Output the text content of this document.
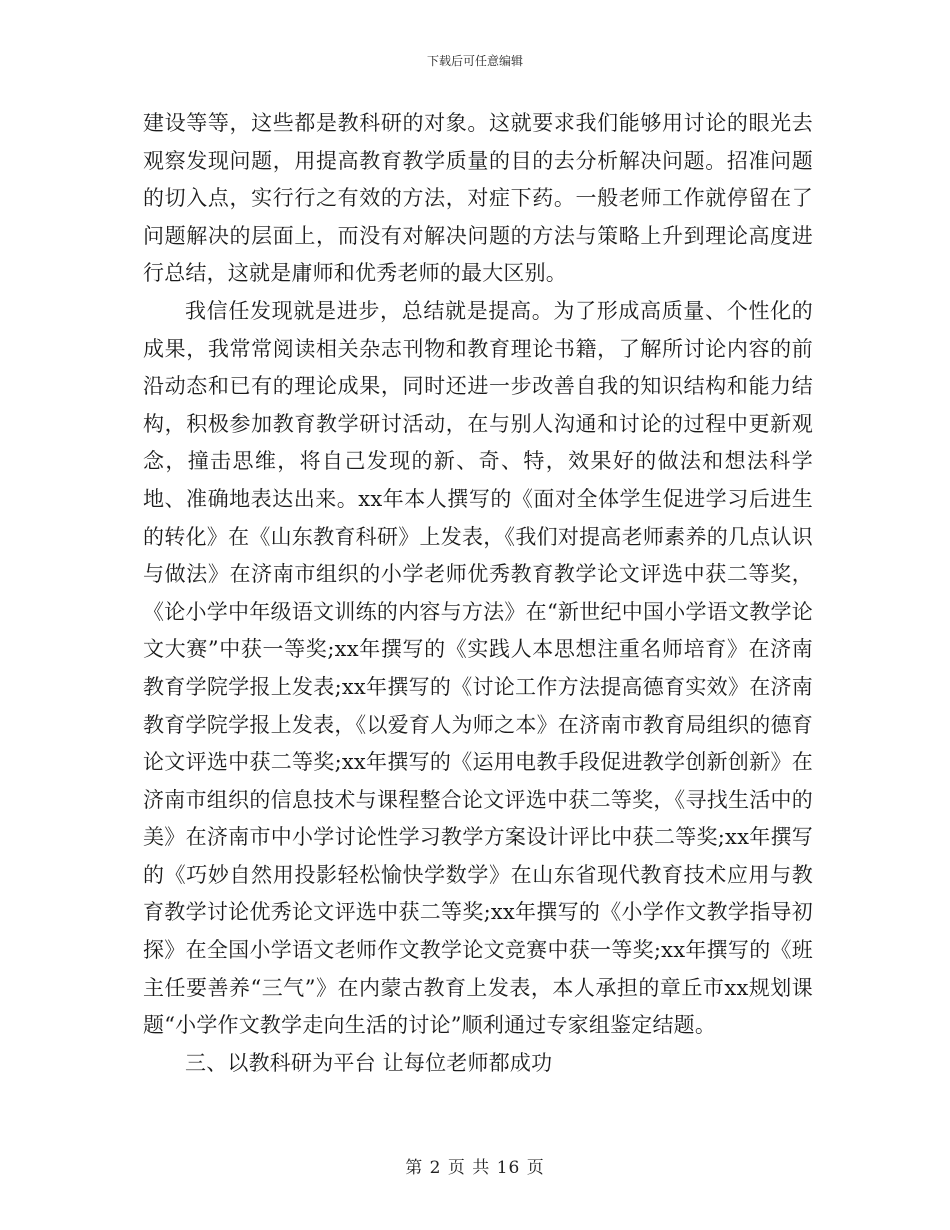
下载后可任意编辑

建设等等，这些都是教科研的对象。这就要求我们能够用讨论的眼光去观察发现问题，用提高教育教学质量的目的去分析解决问题。招准问题的切入点，实行行之有效的方法，对症下药。一般老师工作就停留在了问题解决的层面上，而没有对解决问题的方法与策略上升到理论高度进行总结，这就是庸师和优秀老师的最大区别。

我信任发现就是进步，总结就是提高。为了形成高质量、个性化的成果，我常常阅读相关杂志刊物和教育理论书籍，了解所讨论内容的前沿动态和已有的理论成果，同时还进一步改善自我的知识结构和能力结构，积极参加教育教学研讨活动，在与别人沟通和讨论的过程中更新观念，撞击思维，将自己发现的新、奇、特，效果好的做法和想法科学地、准确地表达出来。xx年本人撰写的《面对全体学生促进学习后进生的转化》在《山东教育科研》上发表，《我们对提高老师素养的几点认识与做法》在济南市组织的小学老师优秀教育教学论文评选中获二等奖，《论小学中年级语文训练的内容与方法》在“新世纪中国小学语文教学论文大赛”中获一等奖;xx年撰写的《实践人本思想注重名师培育》在济南教育学院学报上发表;xx年撰写的《讨论工作方法提高德育实效》在济南教育学院学报上发表，《以爱育人为师之本》在济南市教育局组织的德育论文评选中获二等奖;xx年撰写的《运用电教手段促进教学创新创新》在济南市组织的信息技术与课程整合论文评选中获二等奖，《寻找生活中的美》在济南市中小学讨论性学习教学方案设计评比中获二等奖;xx年撰写的《巧妙自然用投影轻松愉快学数学》在山东省现代教育技术应用与教育教学讨论优秀论文评选中获二等奖;xx年撰写的《小学作文教学指导初探》在全国小学语文老师作文教学论文竞赛中获一等奖;xx年撰写的《班主任要善养“三气”》在内蒙古教育上发表，本人承担的章丘市xx规划课题“小学作文教学走向生活的讨论”顺利通过专家组鉴定结题。

三、以教科研为平台 让每位老师都成功

第 2 页 共 16 页
